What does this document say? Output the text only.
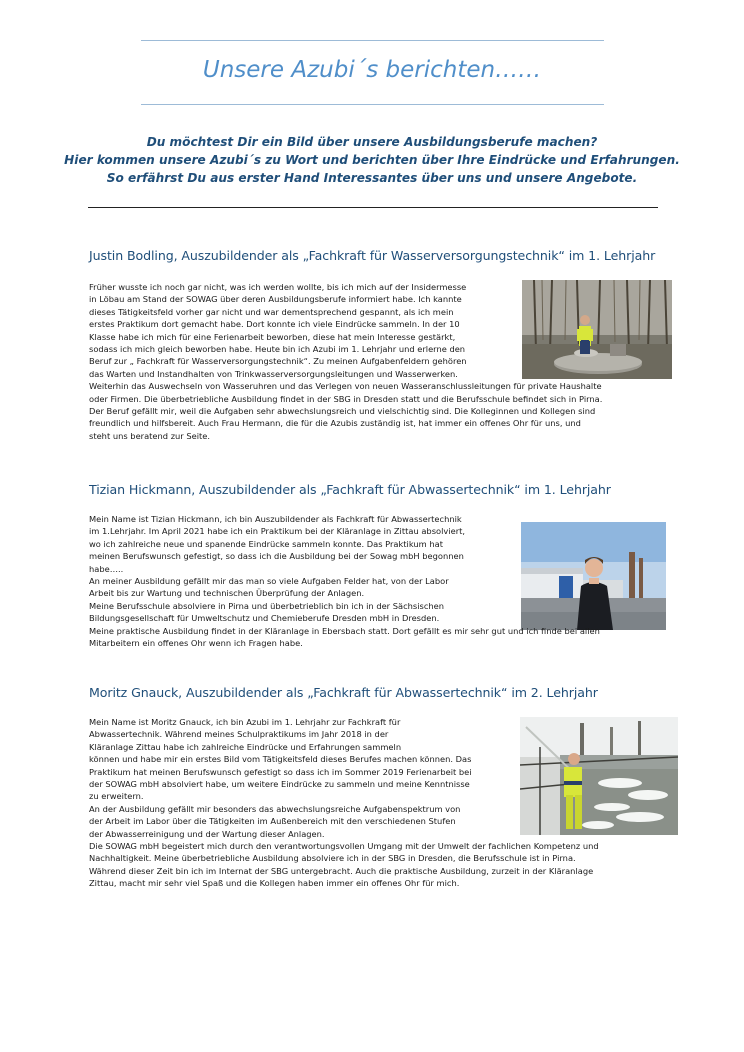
Unsere Azubi´s berichten……
Du möchtest Dir ein Bild über unsere Ausbildungsberufe machen?
Hier kommen unsere Azubi´s zu Wort und berichten über Ihre Eindrücke und Erfahrungen.
So erfährst Du aus erster Hand Interessantes über uns und unsere Angebote.
Justin Bodling, Auszubildender als „Fachkraft für Wasserversorgungstechnik“ im 1. Lehrjahr
Früher wusste ich noch gar nicht, was ich werden wollte, bis ich mich auf der Insidermesse
in Löbau am Stand der SOWAG über deren Ausbildungsberufe informiert habe. Ich kannte
dieses Tätigkeitsfeld vorher gar nicht und war dementsprechend gespannt, als ich mein
erstes Praktikum dort gemacht habe. Dort konnte ich viele Eindrücke sammeln. In der 10
Klasse habe ich mich für eine Ferienarbeit beworben, diese hat mein Interesse gestärkt,
sodass ich mich gleich beworben habe. Heute bin ich Azubi im 1. Lehrjahr und erlerne den
Beruf zur „ Fachkraft für Wasserversorgungstechnik“. Zu meinen Aufgabenfeldern gehören
das Warten und Instandhalten von Trinkwasserversorgungsleitungen und Wasserwerken.
Weiterhin das Auswechseln von Wasseruhren und das Verlegen von neuen Wasseranschlussleitungen für private Haushalte
oder Firmen. Die überbetriebliche Ausbildung findet in der SBG in Dresden statt und die Berufsschule befindet sich in Pirna.
Der Beruf gefällt mir, weil die Aufgaben sehr abwechslungsreich und vielschichtig sind. Die Kolleginnen und Kollegen sind
freundlich und hilfsbereit. Auch Frau Hermann, die für die Azubis zuständig ist, hat immer ein offenes Ohr für uns, und
steht uns beratend zur Seite.
Tizian Hickmann, Auszubildender als „Fachkraft für Abwassertechnik“ im 1. Lehrjahr
Mein Name ist Tizian Hickmann, ich bin Auszubildender als Fachkraft für Abwassertechnik
im 1.Lehrjahr. Im April 2021 habe ich ein Praktikum bei der Kläranlage in Zittau absolviert,
wo ich zahlreiche neue und spanende Eindrücke sammeln konnte. Das Praktikum hat
meinen Berufswunsch gefestigt, so dass ich die Ausbildung bei der Sowag mbH begonnen
habe…..
An meiner Ausbildung gefällt mir das man so viele Aufgaben Felder hat, von der Labor
Arbeit bis zur Wartung und technischen Überprüfung der Anlagen.
Meine Berufsschule absolviere in Pirna und überbetrieblich bin ich in der Sächsischen
Bildungsgesellschaft für Umweltschutz und Chemieberufe Dresden mbH in Dresden.
Meine praktische Ausbildung findet in der Kläranlage in Ebersbach statt. Dort gefällt es mir sehr gut und ich finde bei allen
Mitarbeitern ein offenes Ohr wenn ich Fragen habe.
Moritz Gnauck, Auszubildender als „Fachkraft für Abwassertechnik“ im 2. Lehrjahr
Mein Name ist Moritz Gnauck, ich bin Azubi im 1. Lehrjahr zur Fachkraft für
Abwassertechnik. Während meines Schulpraktikums im Jahr 2018 in der
Kläranlage Zittau habe ich zahlreiche Eindrücke und Erfahrungen sammeln
können und habe mir ein erstes Bild vom Tätigkeitsfeld dieses Berufes machen können. Das
Praktikum hat meinen Berufswunsch gefestigt so dass ich im Sommer 2019 Ferienarbeit bei
der SOWAG mbH absolviert habe, um weitere Eindrücke zu sammeln und meine Kenntnisse
zu erweitern.
An der Ausbildung gefällt mir besonders das abwechslungsreiche Aufgabenspektrum von
der Arbeit im Labor über die Tätigkeiten im Außenbereich mit den verschiedenen Stufen
der Abwasserreinigung und der Wartung dieser Anlagen.
Die SOWAG mbH begeistert mich durch den verantwortungsvollen Umgang mit der Umwelt der fachlichen Kompetenz und
Nachhaltigkeit. Meine überbetriebliche Ausbildung absolviere ich in der SBG in Dresden, die Berufsschule ist in Pirna.
Während dieser Zeit bin ich im Internat der SBG untergebracht. Auch die praktische Ausbildung, zurzeit in der Kläranlage
Zittau, macht mir sehr viel Spaß und die Kollegen haben immer ein offenes Ohr für mich.
